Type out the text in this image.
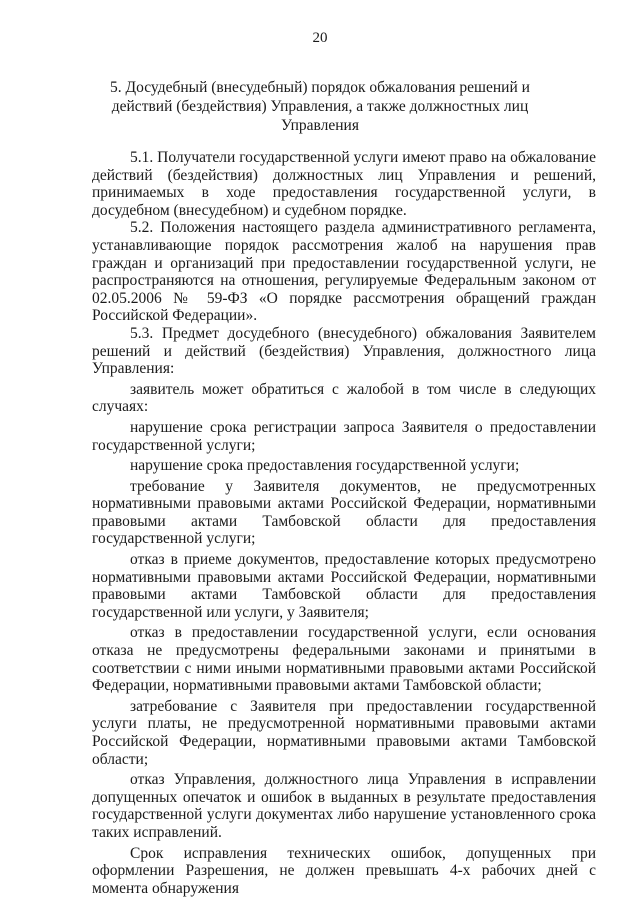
20
5. Досудебный (внесудебный) порядок обжалования решений и действий (бездействия) Управления, а также должностных лиц Управления

5.1. Получатели государственной услуги имеют право на обжалование действий (бездействия) должностных лиц Управления и решений, принимаемых в ходе предоставления государственной услуги, в досудебном (внесудебном) и судебном порядке.

5.2. Положения настоящего раздела административного регламента, устанавливающие порядок рассмотрения жалоб на нарушения прав граждан и организаций при предоставлении государственной услуги, не распространяются на отношения, регулируемые Федеральным законом от 02.05.2006 № 59-ФЗ «О порядке рассмотрения обращений граждан Российской Федерации».

5.3. Предмет досудебного (внесудебного) обжалования Заявителем решений и действий (бездействия) Управления, должностного лица Управления:

заявитель может обратиться с жалобой в том числе в следующих случаях:

нарушение срока регистрации запроса Заявителя о предоставлении государственной услуги;

нарушение срока предоставления государственной услуги;

требование у Заявителя документов, не предусмотренных нормативными правовыми актами Российской Федерации, нормативными правовыми актами Тамбовской области для предоставления государственной услуги;

отказ в приеме документов, предоставление которых предусмотрено нормативными правовыми актами Российской Федерации, нормативными правовыми актами Тамбовской области для предоставления государственной или услуги, у Заявителя;

отказ в предоставлении государственной услуги, если основания отказа не предусмотрены федеральными законами и принятыми в соответствии с ними иными нормативными правовыми актами Российской Федерации, нормативными правовыми актами Тамбовской области;

затребование с Заявителя при предоставлении государственной услуги платы, не предусмотренной нормативными правовыми актами Российской Федерации, нормативными правовыми актами Тамбовской области;

отказ Управления, должностного лица Управления в исправлении допущенных опечаток и ошибок в выданных в результате предоставления государственной услуги документах либо нарушение установленного срока таких исправлений.

Срок исправления технических ошибок, допущенных при оформлении Разрешения, не должен превышать 4-х рабочих дней с момента обнаружения
